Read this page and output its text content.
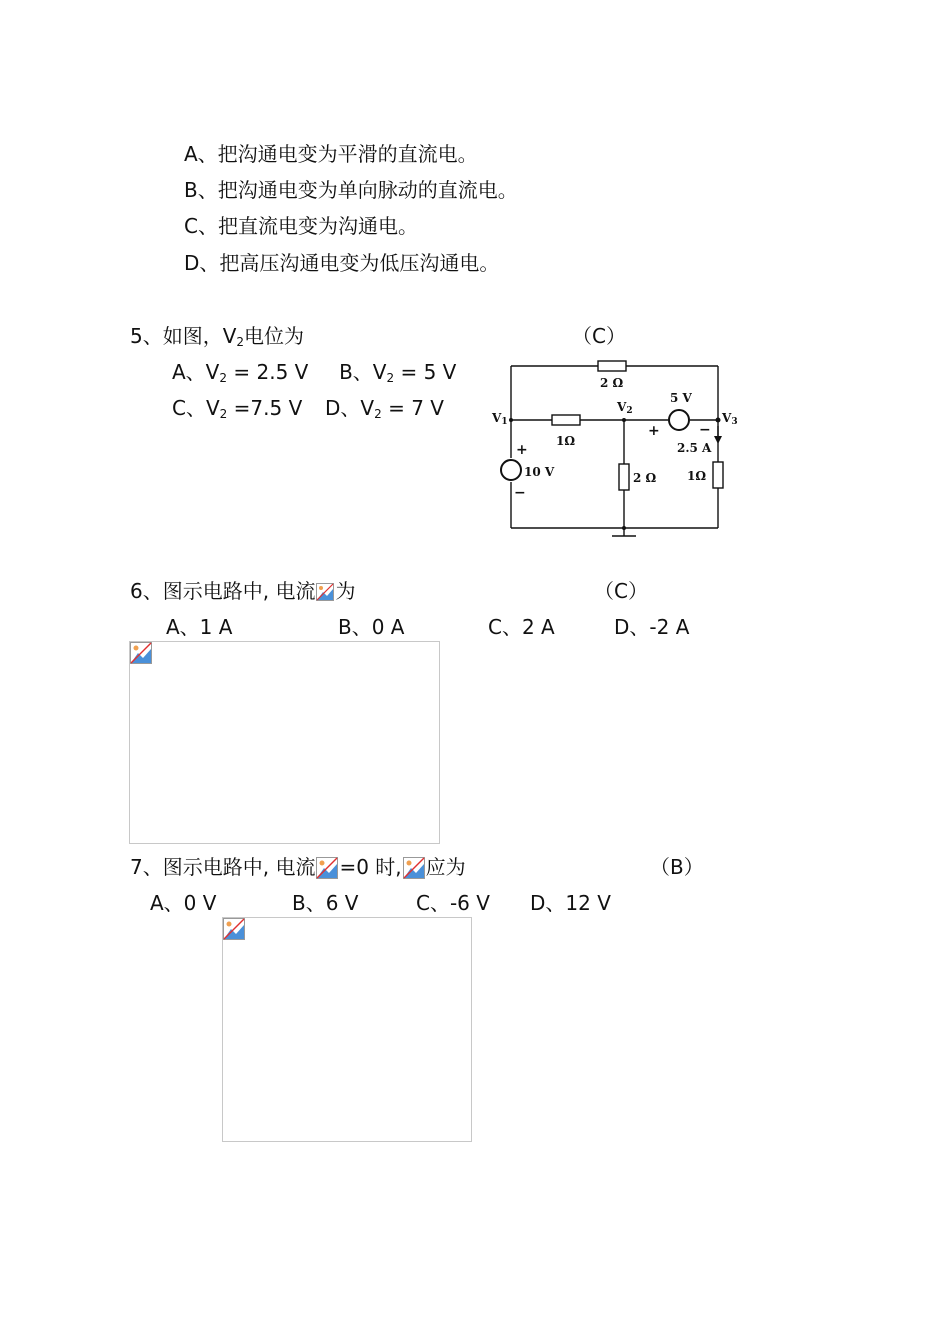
A、把沟通电变为平滑的直流电。
B、把沟通电变为单向脉动的直流电。
C、把直流电变为沟通电。
D、把高压沟通电变为低压沟通电。
5、如图，$V_2$电位为	（C）
A、$V_2 = 2.5$ V B、$V_2 = 5$ V
C、$V_2 =7.5$ V D、$V_2 = 7$ V
2 Ω
1Ω
2 Ω	1Ω
V1
V2	V3
10 V
5 V
2.5 A
+
−
+	−
6、图示电路中, 电流 为	（C）
A、1 A	B、0 A	C、2 A	D、-2 A
7、图示电路中, 电流 =0 时, 应为	（B）
A、0 V	B、6 V	C、-6 V D、12 V
